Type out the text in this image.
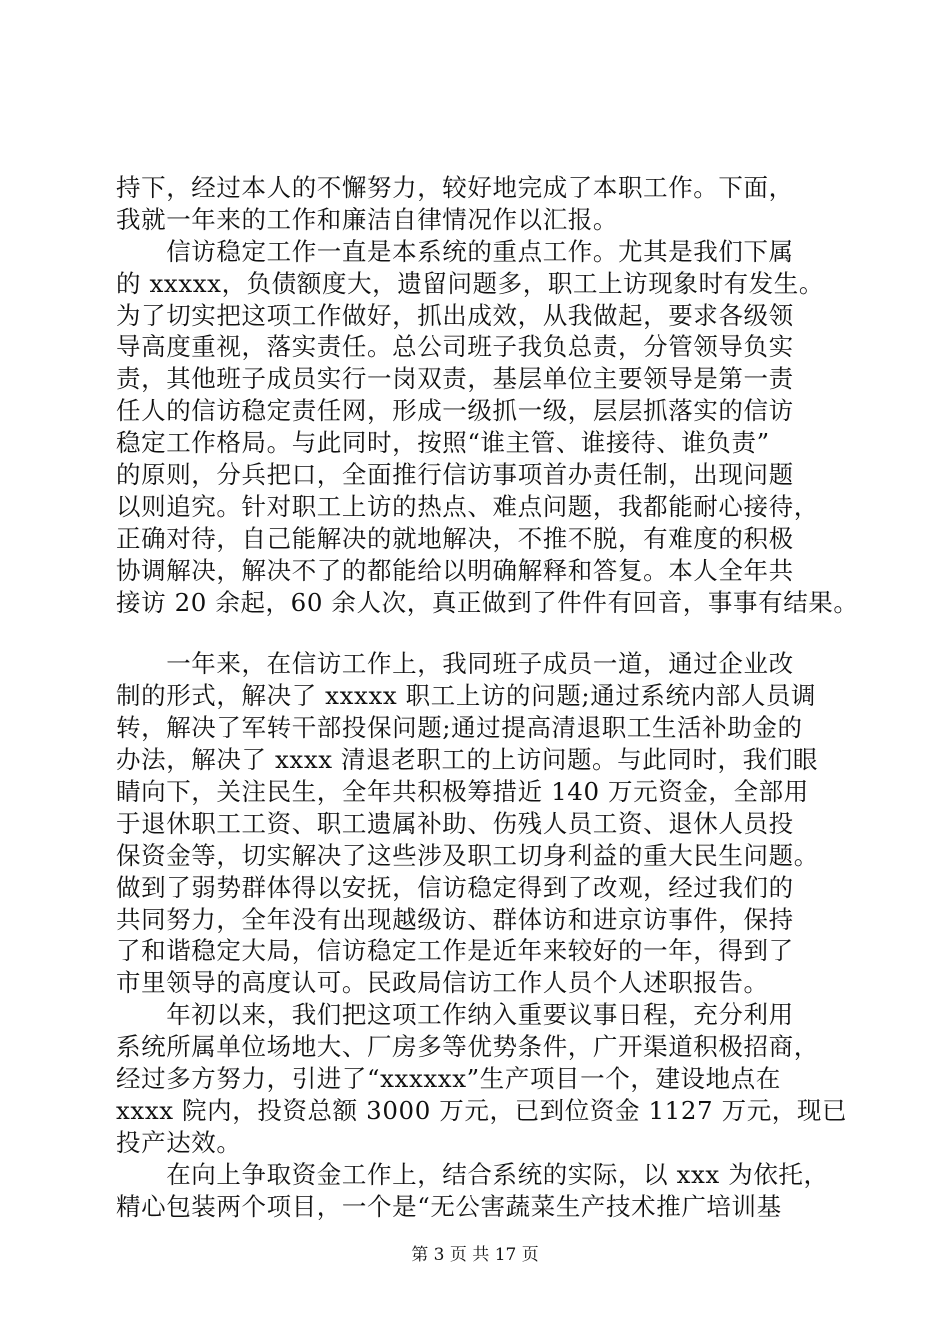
持下，经过本人的不懈努力，较好地完成了本职工作。下面，
我就一年来的工作和廉洁自律情况作以汇报。
　　信访稳定工作一直是本系统的重点工作。尤其是我们下属
的 xxxxx，负债额度大，遗留问题多，职工上访现象时有发生。
为了切实把这项工作做好，抓出成效，从我做起，要求各级领
导高度重视，落实责任。总公司班子我负总责，分管领导负实
责，其他班子成员实行一岗双责，基层单位主要领导是第一责
任人的信访稳定责任网，形成一级抓一级，层层抓落实的信访
稳定工作格局。与此同时，按照“谁主管、谁接待、谁负责”
的原则，分兵把口，全面推行信访事项首办责任制，出现问题
以则追究。针对职工上访的热点、难点问题，我都能耐心接待，
正确对待，自己能解决的就地解决，不推不脱，有难度的积极
协调解决，解决不了的都能给以明确解释和答复。本人全年共
接访 20 余起，60 余人次，真正做到了件件有回音，事事有结果。
　　一年来，在信访工作上，我同班子成员一道，通过企业改
制的形式，解决了 xxxxx 职工上访的问题;通过系统内部人员调
转，解决了军转干部投保问题;通过提高清退职工生活补助金的
办法，解决了 xxxx 清退老职工的上访问题。与此同时，我们眼
睛向下，关注民生，全年共积极筹措近 140 万元资金，全部用
于退休职工工资、职工遗属补助、伤残人员工资、退休人员投
保资金等，切实解决了这些涉及职工切身利益的重大民生问题。
做到了弱势群体得以安抚，信访稳定得到了改观，经过我们的
共同努力，全年没有出现越级访、群体访和进京访事件，保持
了和谐稳定大局，信访稳定工作是近年来较好的一年，得到了
市里领导的高度认可。民政局信访工作人员个人述职报告。
　　年初以来，我们把这项工作纳入重要议事日程，充分利用
系统所属单位场地大、厂房多等优势条件，广开渠道积极招商，
经过多方努力，引进了“xxxxxx”生产项目一个，建设地点在
xxxx 院内，投资总额 3000 万元，已到位资金 1127 万元，现已
投产达效。
　　在向上争取资金工作上，结合系统的实际，以 xxx 为依托，
精心包装两个项目，一个是“无公害蔬菜生产技术推广培训基
第 3 页 共 17 页
